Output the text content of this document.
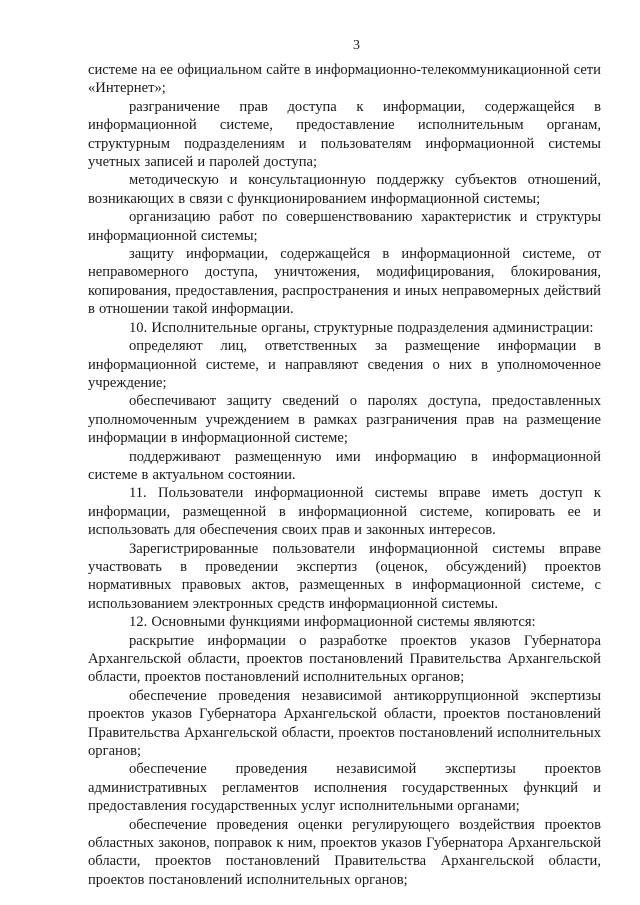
3

системе на ее официальном сайте в информационно-телекоммуникационной сети «Интернет»;

разграничение прав доступа к информации, содержащейся в информационной системе, предоставление исполнительным органам, структурным подразделениям и пользователям информационной системы учетных записей и паролей доступа;

методическую и консультационную поддержку субъектов отношений, возникающих в связи с функционированием информационной системы;

организацию работ по совершенствованию характеристик и структуры информационной системы;

защиту информации, содержащейся в информационной системе, от неправомерного доступа, уничтожения, модифицирования, блокирования, копирования, предоставления, распространения и иных неправомерных действий в отношении такой информации.

10. Исполнительные органы, структурные подразделения администрации:

определяют лиц, ответственных за размещение информации в информационной системе, и направляют сведения о них в уполномоченное учреждение;

обеспечивают защиту сведений о паролях доступа, предоставленных уполномоченным учреждением в рамках разграничения прав на размещение информации в информационной системе;

поддерживают размещенную ими информацию в информационной системе в актуальном состоянии.

11. Пользователи информационной системы вправе иметь доступ к информации, размещенной в информационной системе, копировать ее и использовать для обеспечения своих прав и законных интересов.

Зарегистрированные пользователи информационной системы вправе участвовать в проведении экспертиз (оценок, обсуждений) проектов нормативных правовых актов, размещенных в информационной системе, с использованием электронных средств информационной системы.

12. Основными функциями информационной системы являются:

раскрытие информации о разработке проектов указов Губернатора Архангельской области, проектов постановлений Правительства Архангельской области, проектов постановлений исполнительных органов;

обеспечение проведения независимой антикоррупционной экспертизы проектов указов Губернатора Архангельской области, проектов постановлений Правительства Архангельской области, проектов постановлений исполнительных органов;

обеспечение проведения независимой экспертизы проектов административных регламентов исполнения государственных функций и предоставления государственных услуг исполнительными органами;

обеспечение проведения оценки регулирующего воздействия проектов областных законов, поправок к ним, проектов указов Губернатора Архангельской области, проектов постановлений Правительства Архангельской области, проектов постановлений исполнительных органов;
